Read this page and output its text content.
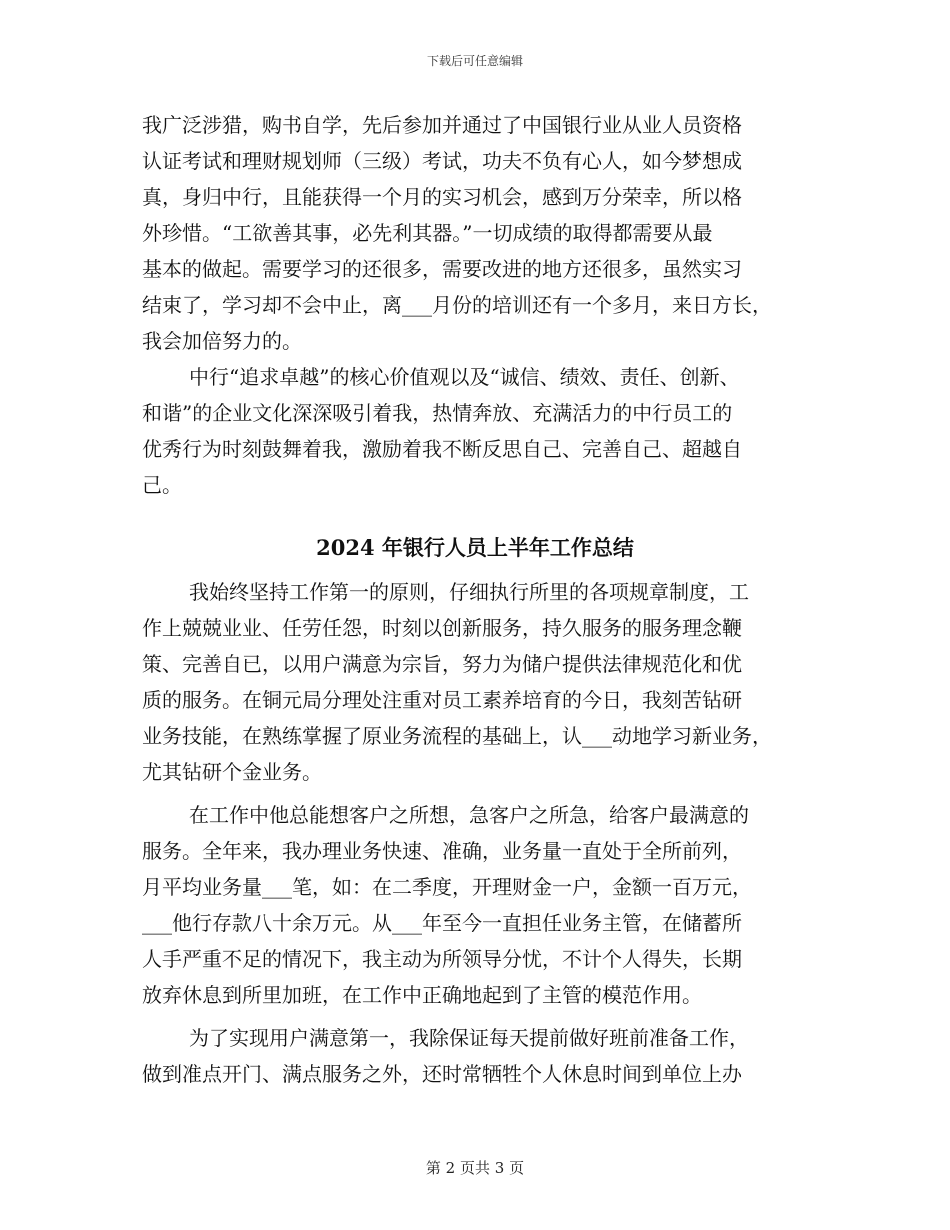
下载后可任意编辑
我广泛涉猎，购书自学，先后参加并通过了中国银行业从业人员资格
认证考试和理财规划师（三级）考试，功夫不负有心人，如今梦想成
真，身归中行，且能获得一个月的实习机会，感到万分荣幸，所以格
外珍惜。“工欲善其事，必先利其器。”一切成绩的取得都需要从最
基本的做起。需要学习的还很多，需要改进的地方还很多，虽然实习
结束了，学习却不会中止，离___月份的培训还有一个多月，来日方长，
我会加倍努力的。
中行“追求卓越”的核心价值观以及“诚信、绩效、责任、创新、
和谐”的企业文化深深吸引着我，热情奔放、充满活力的中行员工的
优秀行为时刻鼓舞着我，激励着我不断反思自己、完善自己、超越自
己。
2024 年银行人员上半年工作总结
我始终坚持工作第一的原则，仔细执行所里的各项规章制度，工
作上兢兢业业、任劳任怨，时刻以创新服务，持久服务的服务理念鞭
策、完善自已，以用户满意为宗旨，努力为储户提供法律规范化和优
质的服务。在铜元局分理处注重对员工素养培育的今日，我刻苦钻研
业务技能，在熟练掌握了原业务流程的基础上，认___动地学习新业务，
尤其钻研个金业务。
在工作中他总能想客户之所想，急客户之所急，给客户最满意的
服务。全年来，我办理业务快速、准确，业务量一直处于全所前列，
月平均业务量___笔，如：在二季度，开理财金一户，金额一百万元，
___他行存款八十余万元。从___年至今一直担任业务主管，在储蓄所
人手严重不足的情况下，我主动为所领导分忧，不计个人得失，长期
放弃休息到所里加班，在工作中正确地起到了主管的模范作用。
为了实现用户满意第一，我除保证每天提前做好班前准备工作，
做到准点开门、满点服务之外，还时常牺牲个人休息时间到单位上办
第 2 页共 3 页
